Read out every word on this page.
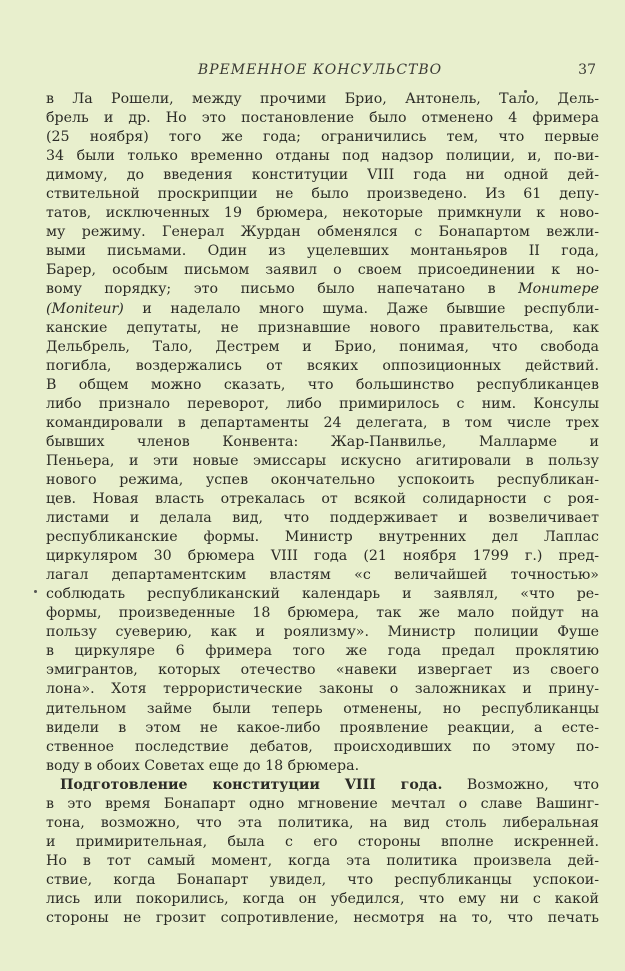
ВРЕМЕННОЕ КОНСУЛЬСТВО	37
в Ла Рошели, между прочими Брио, Антонель, Тало, Дель-
брель и др. Но это постановление было отменено 4 фримера
(25 ноября) того же года; ограничились тем, что первые
34 были только временно отданы под надзор полиции, и, по-ви-
димому, до введения конституции VIII года ни одной дей-
ствительной проскрипции не было произведено. Из 61 депу-
татов, исключенных 19 брюмера, некоторые примкнули к ново-
му режиму. Генерал Журдан обменялся с Бонапартом вежли-
выми письмами. Один из уцелевших монтаньяров II года,
Барер, особым письмом заявил о своем присоединении к но-
вому порядку; это письмо было напечатано в Монитере
(Moniteur) и наделало много шума. Даже бывшие республи-
канские депутаты, не признавшие нового правительства, как
Дельбрель, Тало, Дестрем и Брио, понимая, что свобода
погибла, воздержались от всяких оппозиционных действий.
В общем можно сказать, что большинство республиканцев
либо признало переворот, либо примирилось с ним. Консулы
командировали в департаменты 24 делегата, в том числе трех
бывших членов Конвента: Жар-Панвилье, Малларме и
Пеньера, и эти новые эмиссары искусно агитировали в пользу
нового режима, успев окончательно успокоить республикан-
цев. Новая власть отрекалась от всякой солидарности с роя-
листами и делала вид, что поддерживает и возвеличивает
республиканские формы. Министр внутренних дел Лаплас
циркуляром 30 брюмера VIII года (21 ноября 1799 г.) пред-
лагал департаментским властям «с величайшей точностью»
соблюдать республиканский календарь и заявлял, «что ре-
формы, произведенные 18 брюмера, так же мало пойдут на
пользу суеверию, как и роялизму». Министр полиции Фуше
в циркуляре 6 фримера того же года предал проклятию
эмигрантов, которых отечество «навеки извергает из своего
лона». Хотя террористические законы о заложниках и прину-
дительном займе были теперь отменены, но республиканцы
видели в этом не какое-либо проявление реакции, а есте-
ственное последствие дебатов, происходивших по этому по-
воду в обоих Советах еще до 18 брюмера.
Подготовление конституции VIII года. Возможно, что
в это время Бонапарт одно мгновение мечтал о славе Вашинг-
тона, возможно, что эта политика, на вид столь либеральная
и примирительная, была с его стороны вполне искренней.
Но в тот самый момент, когда эта политика произвела дей-
ствие, когда Бонапарт увидел, что республиканцы успокои-
лись или покорились, когда он убедился, что ему ни с какой
стороны не грозит сопротивление, несмотря на то, что печать
